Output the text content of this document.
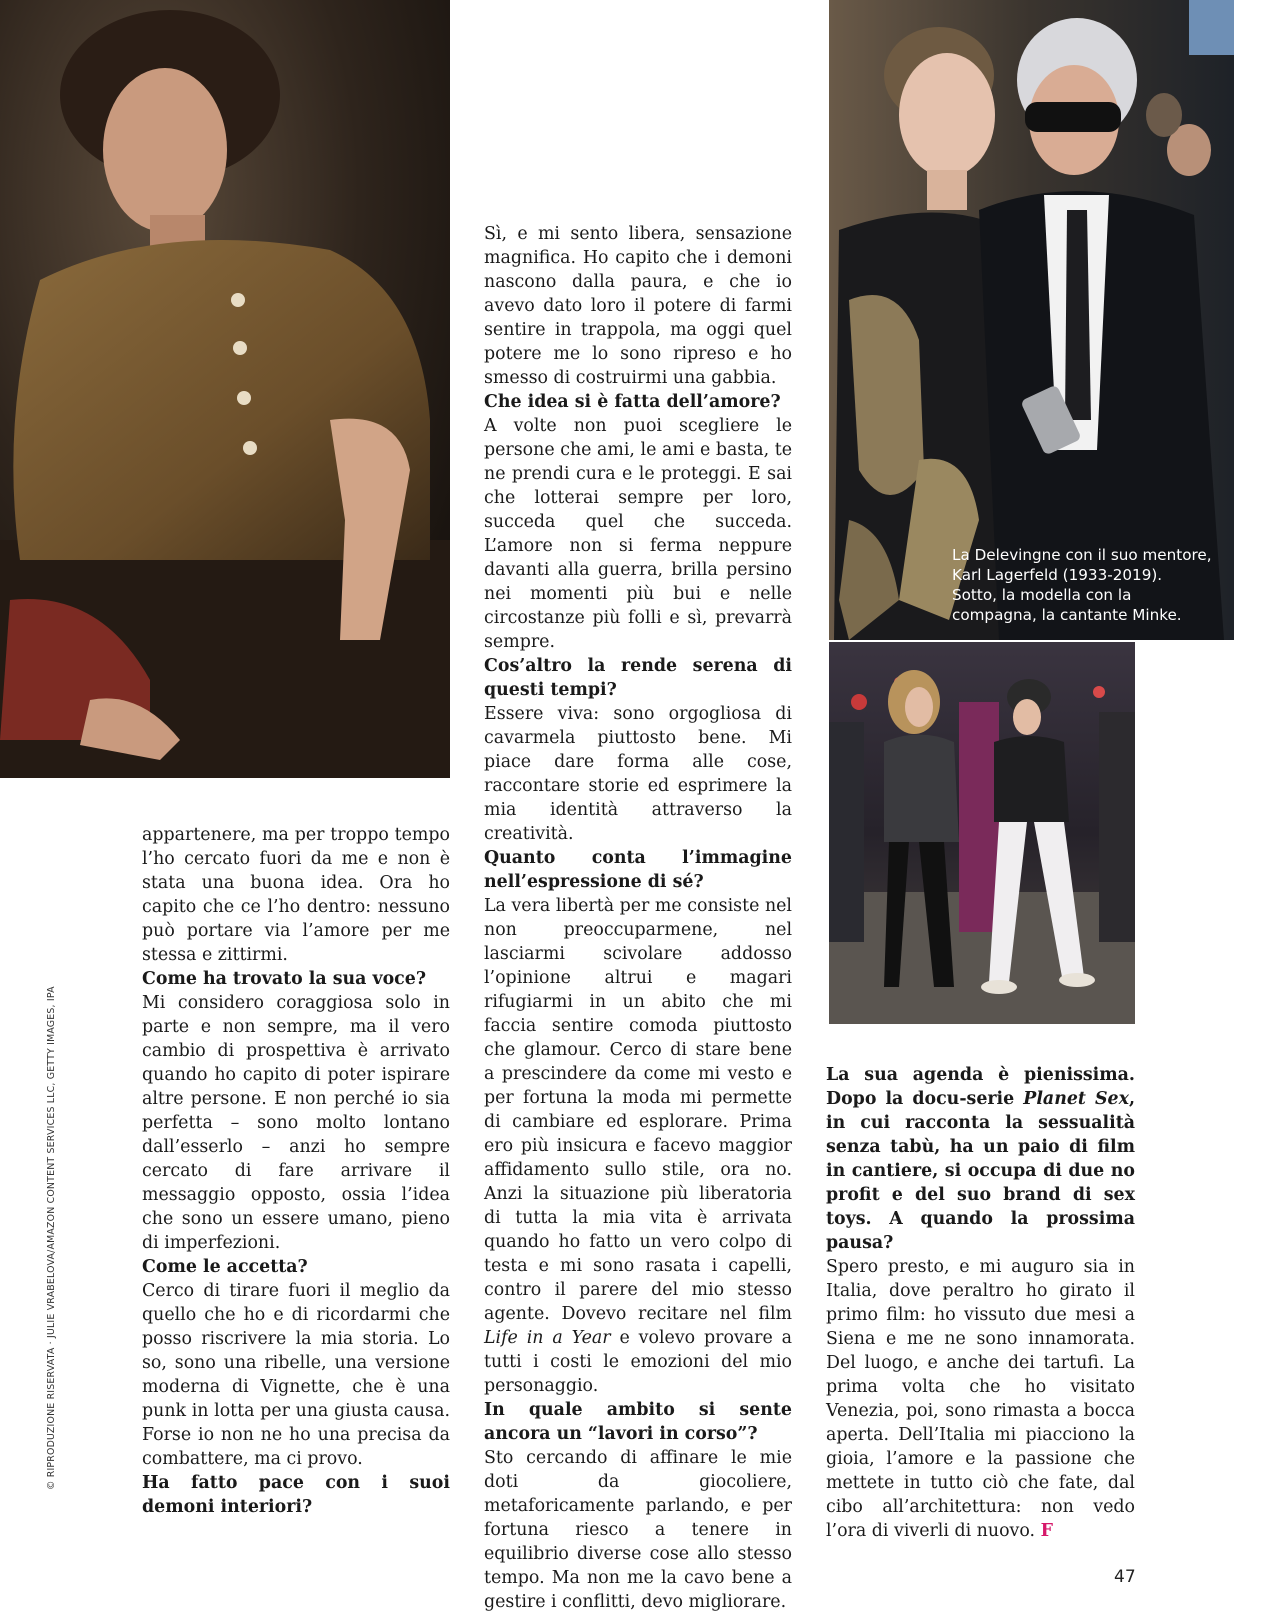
La Delevingne con il suo mentore,
Karl Lagerfeld (1933-2019).
Sotto, la modella con la
compagna, la cantante Minke.

appartenere, ma per troppo tempo l’ho cercato fuori da me e non è stata una buona idea. Ora ho capito che ce l’ho dentro: nessuno può portare via l’amore per me stessa e zittirmi.

Come ha trovato la sua voce?

Mi considero coraggiosa solo in parte e non sempre, ma il vero cambio di prospettiva è arrivato quando ho capito di poter ispirare altre persone. E non perché io sia perfetta – sono molto lontano dall’esserlo – anzi ho sempre cercato di fare arrivare il messaggio opposto, ossia l’idea che sono un essere umano, pieno di imperfezioni.

Come le accetta?

Cerco di tirare fuori il meglio da quello che ho e di ricordarmi che posso riscrivere la mia storia. Lo so, sono una ribelle, una versione moderna di Vignette, che è una punk in lotta per una giusta causa. Forse io non ne ho una precisa da combattere, ma ci provo.

Ha fatto pace con i suoi demoni interiori?

Sì, e mi sento libera, sensazione magnifica. Ho capito che i demoni nascono dalla paura, e che io avevo dato loro il potere di farmi sentire in trappola, ma oggi quel potere me lo sono ripreso e ho smesso di costruirmi una gabbia.

Che idea si è fatta dell’amore?

A volte non puoi scegliere le persone che ami, le ami e basta, te ne prendi cura e le proteggi. E sai che lotterai sempre per loro, succeda quel che succeda. L’amore non si ferma neppure davanti alla guerra, brilla persino nei momenti più bui e nelle circostanze più folli e sì, prevarrà sempre.

Cos’altro la rende serena di questi tempi?

Essere viva: sono orgogliosa di cavarmela piuttosto bene. Mi piace dare forma alle cose, raccontare storie ed esprimere la mia identità attraverso la creatività.

Quanto conta l’immagine nell’espressione di sé?

La vera libertà per me consiste nel non preoccuparmene, nel lasciarmi scivolare addosso l’opinione altrui e magari rifugiarmi in un abito che mi faccia sentire comoda piuttosto che glamour. Cerco di stare bene a prescindere da come mi vesto e per fortuna la moda mi permette di cambiare ed esplorare. Prima ero più insicura e facevo maggior affidamento sullo stile, ora no. Anzi la situazione più liberatoria di tutta la mia vita è arrivata quando ho fatto un vero colpo di testa e mi sono rasata i capelli, contro il parere del mio stesso agente. Dovevo recitare nel film Life in a Year e volevo provare a tutti i costi le emozioni del mio personaggio.

In quale ambito si sente ancora un “lavori in corso”?

Sto cercando di affinare le mie doti da giocoliere, metaforicamente parlando, e per fortuna riesco a tenere in equilibrio diverse cose allo stesso tempo. Ma non me la cavo bene a gestire i conflitti, devo migliorare.

La sua agenda è pienissima. Dopo la docu-serie Planet Sex, in cui racconta la sessualità senza tabù, ha un paio di film in cantiere, si occupa di due no profit e del suo brand di sex toys. A quando la prossima pausa?

Spero presto, e mi auguro sia in Italia, dove peraltro ho girato il primo film: ho vissuto due mesi a Siena e me ne sono innamorata. Del luogo, e anche dei tartufi. La prima volta che ho visitato Venezia, poi, sono rimasta a bocca aperta. Dell’Italia mi piacciono la gioia, l’amore e la passione che mettete in tutto ciò che fate, dal cibo all’architettura: non vedo l’ora di viverli di nuovo. F

© RIPRODUZIONE RISERVATA · JULIE VRABELOVA/AMAZON CONTENT SERVICES LLC, GETTY IMAGES, IPA
47
